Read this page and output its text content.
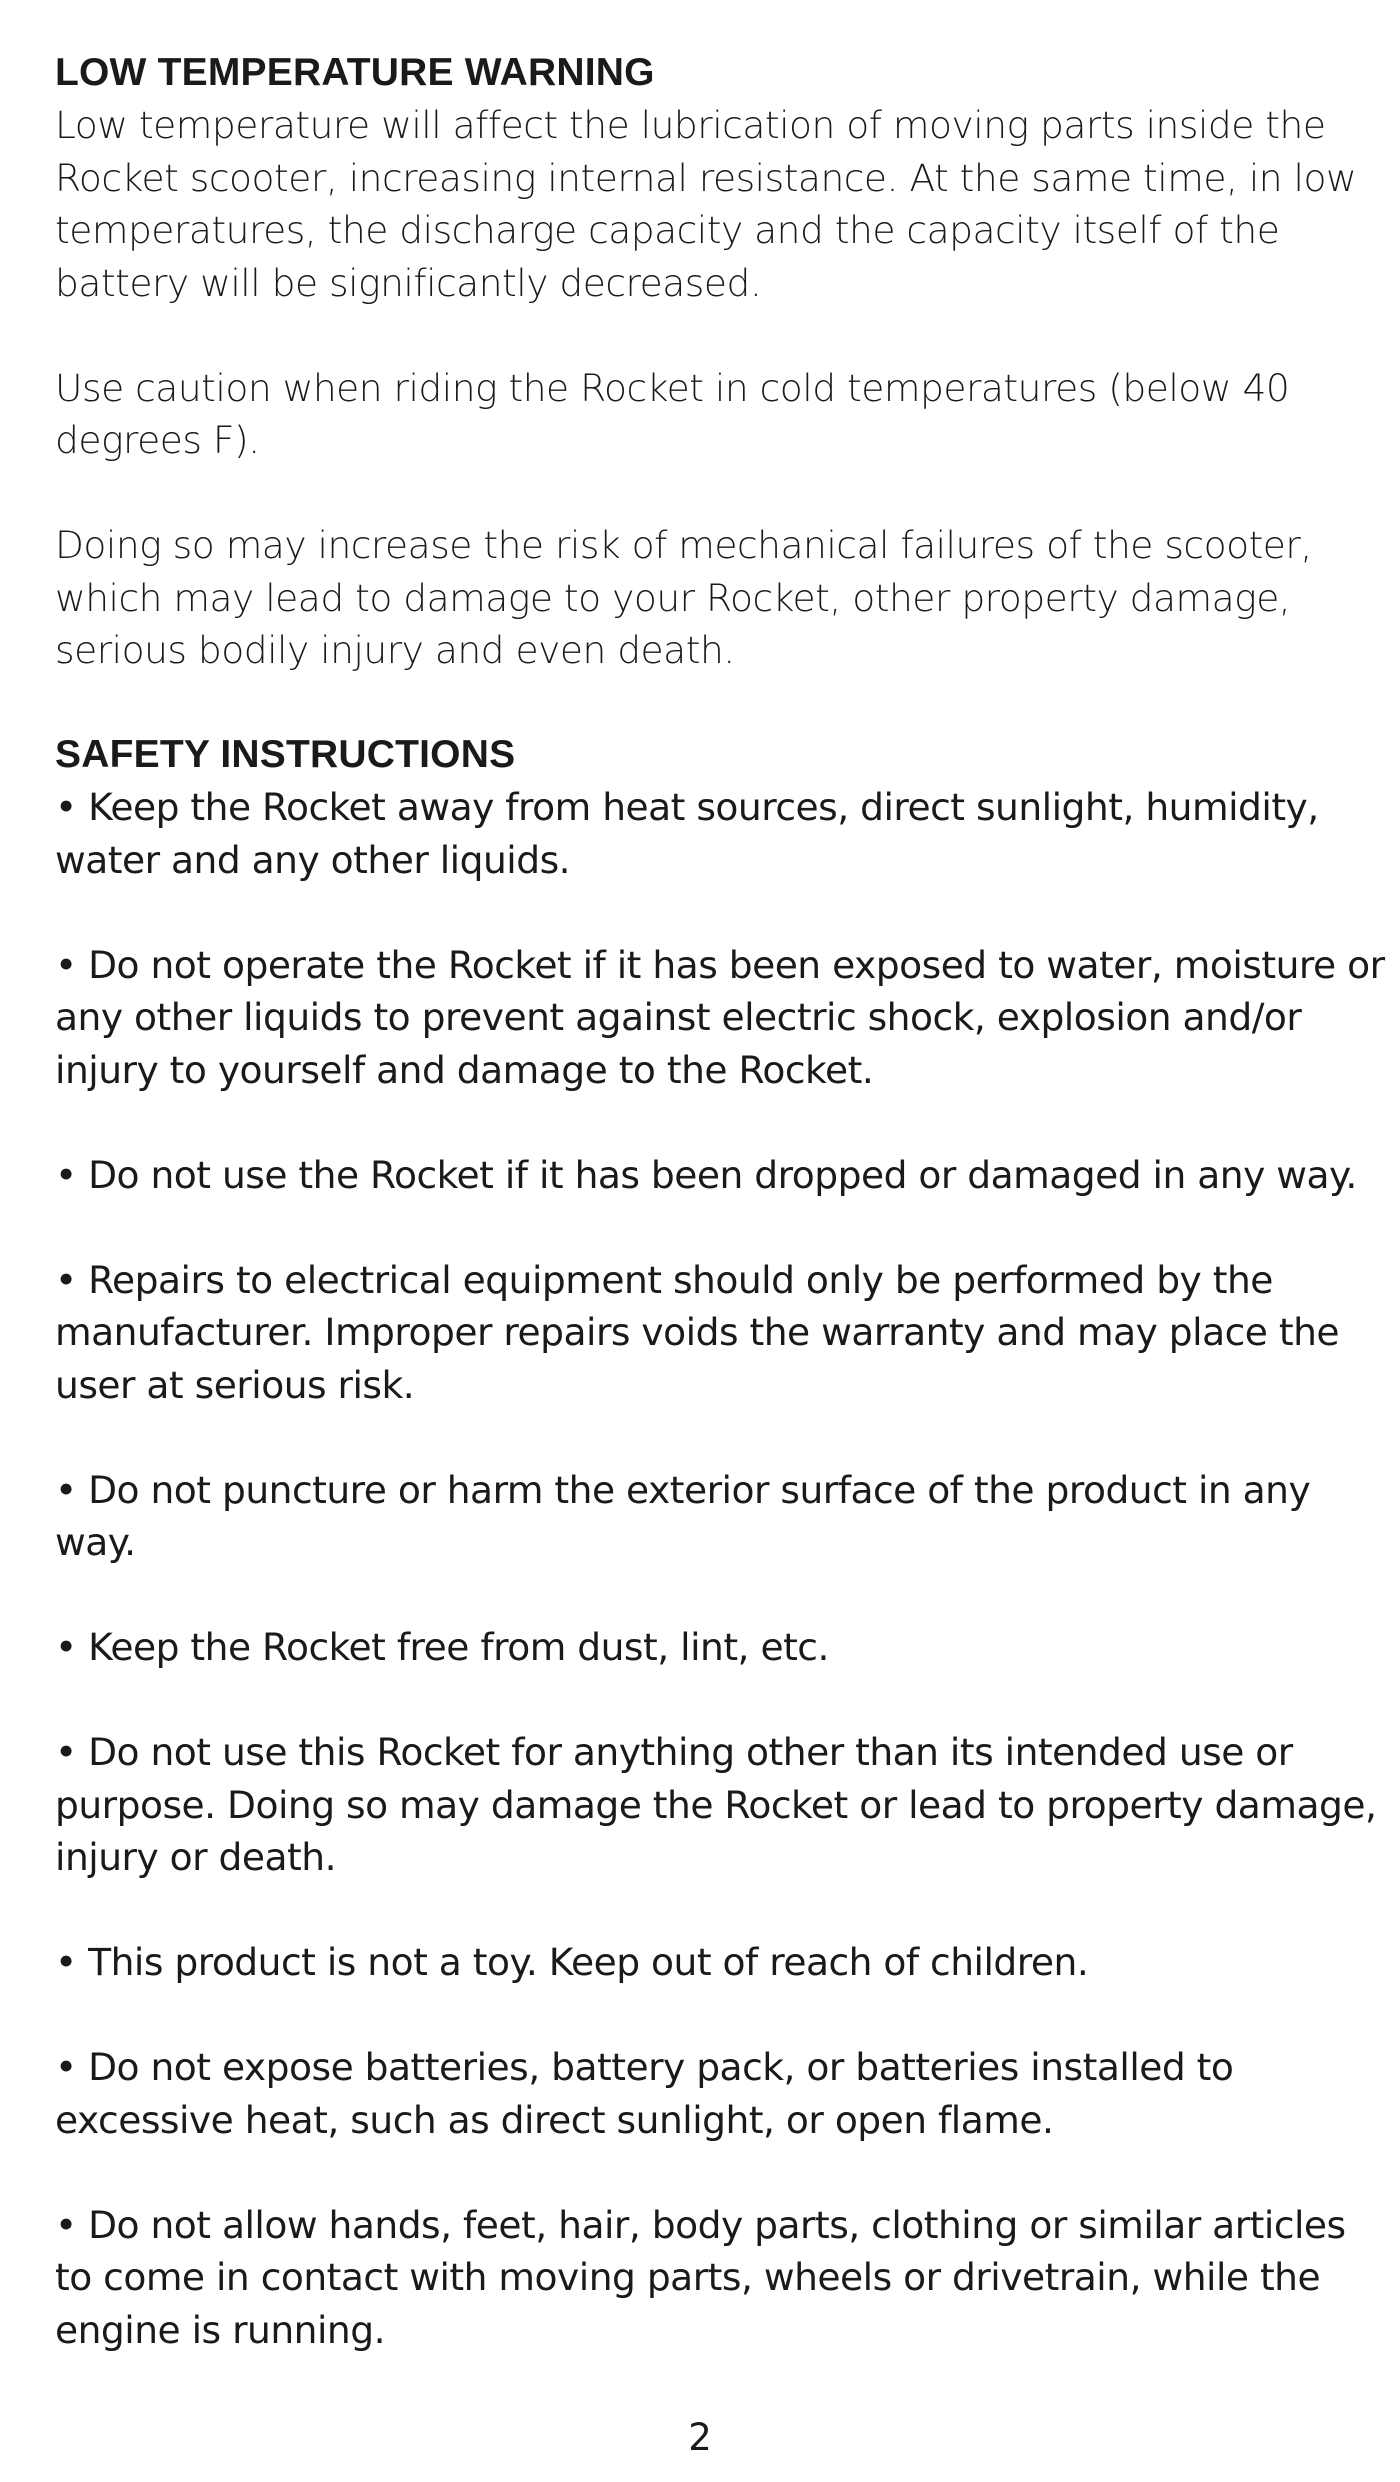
LOW TEMPERATURE WARNING

Low temperature will affect the lubrication of moving parts inside the Rocket scooter, increasing internal resistance. At the same time, in low temperatures, the discharge capacity and the capacity itself of the battery will be significantly decreased.

Use caution when riding the Rocket in cold temperatures (below 40 degrees F).

Doing so may increase the risk of mechanical failures of the scooter, which may lead to damage to your Rocket, other property damage, serious bodily injury and even death.

SAFETY INSTRUCTIONS

• Keep the Rocket away from heat sources, direct sunlight, humidity, water and any other liquids.

• Do not operate the Rocket if it has been exposed to water, moisture or any other liquids to prevent against electric shock, explosion and/or injury to yourself and damage to the Rocket.

• Do not use the Rocket if it has been dropped or damaged in any way.

• Repairs to electrical equipment should only be performed by the manufacturer. Improper repairs voids the warranty and may place the user at serious risk.

• Do not puncture or harm the exterior surface of the product in any way.

• Keep the Rocket free from dust, lint, etc.

• Do not use this Rocket for anything other than its intended use or purpose. Doing so may damage the Rocket or lead to property damage, injury or death.

• This product is not a toy. Keep out of reach of children.

• Do not expose batteries, battery pack, or batteries installed to excessive heat, such as direct sunlight, or open flame.

• Do not allow hands, feet, hair, body parts, clothing or similar articles to come in contact with moving parts, wheels or drivetrain, while the engine is running.

2
